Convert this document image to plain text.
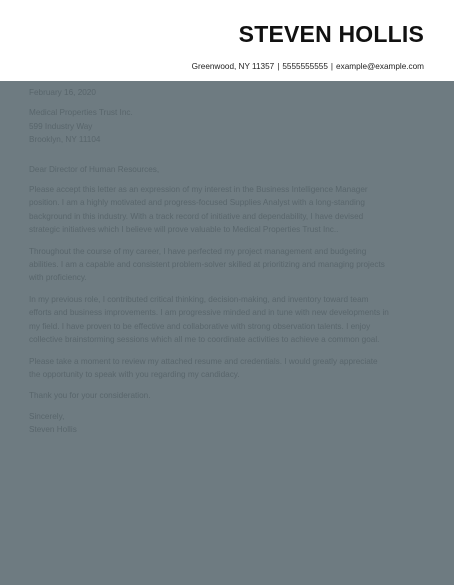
STEVEN HOLLIS
Greenwood, NY 11357 | 5555555555 | example@example.com

February 16, 2020

Medical Properties Trust Inc.

599 Industry Way

Brooklyn, NY 11104

Dear Director of Human Resources,

Please accept this letter as an expression of my interest in the Business Intelligence Manager
position. I am a highly motivated and progress-focused Supplies Analyst with a long-standing
background in this industry. With a track record of initiative and dependability, I have devised
strategic initiatives which I believe will prove valuable to Medical Properties Trust Inc..

Throughout the course of my career, I have perfected my project management and budgeting
abilities. I am a capable and consistent problem-solver skilled at prioritizing and managing projects
with proficiency.

In my previous role, I contributed critical thinking, decision-making, and inventory toward team
efforts and business improvements. I am progressive minded and in tune with new developments in
my field. I have proven to be effective and collaborative with strong observation talents. I enjoy
collective brainstorming sessions which all me to coordinate activities to achieve a common goal.

Please take a moment to review my attached resume and credentials. I would greatly appreciate
the opportunity to speak with you regarding my candidacy.

Thank you for your consideration.

Sincerely,

Steven Hollis
